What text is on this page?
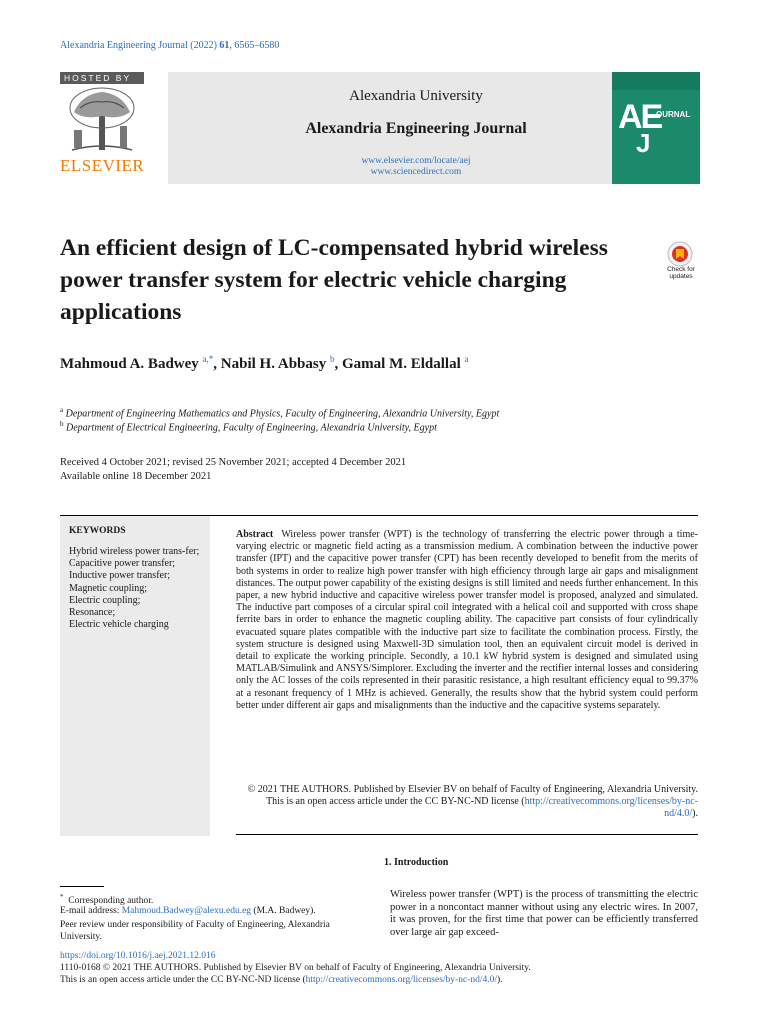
Alexandria Engineering Journal (2022) 61, 6565–6580
HOSTED BY
ELSEVIER
Alexandria University
Alexandria Engineering Journal
www.elsevier.com/locate/aej
www.sciencedirect.com
AE
OURNAL
J
An efficient design of LC-compensated hybrid wireless power transfer system for electric vehicle charging applications
Check for
updates
Mahmoud A. Badwey $^{a,*}$, Nabil H. Abbasy $^b$, Gamal M. Eldallal $^a$
$^a$ Department of Engineering Mathematics and Physics, Faculty of Engineering, Alexandria University, Egypt
$^b$ Department of Electrical Engineering, Faculty of Engineering, Alexandria University, Egypt
Received 4 October 2021; revised 25 November 2021; accepted 4 December 2021
Available online 18 December 2021
KEYWORDS
Hybrid wireless power trans-fer;
Capacitive power transfer;
Inductive power transfer;
Magnetic coupling;
Electric coupling;
Resonance;
Electric vehicle charging
Abstract Wireless power transfer (WPT) is the technology of transferring the electric power through a time-varying electric or magnetic field acting as a transmission medium. A combination between the inductive power transfer (IPT) and the capacitive power transfer (CPT) has been recently developed to benefit from the merits of both systems in order to realize high power transfer with high efficiency through large air gaps and misalignment distances. The output power capability of the existing designs is still limited and needs further enhancement. In this paper, a new hybrid inductive and capacitive wireless power transfer model is proposed, analyzed and simulated. The inductive part composes of a circular spiral coil integrated with a helical coil and supported with cross shape ferrite bars in order to enhance the magnetic coupling ability. The capacitive part consists of four cylindrically evacuated square plates compatible with the inductive part size to facilitate the combination process. Firstly, the system structure is designed using Maxwell-3D simulation tool, then an equivalent circuit model is derived in detail to explicate the working principle. Secondly, a 10.1 kW hybrid system is designed and simulated using MATLAB/Simulink and ANSYS/Simplorer. Excluding the inverter and the rectifier internal losses and considering only the AC losses of the coils represented in their parasitic resistance, a high resultant efficiency equal to 99.37% at a resonant frequency of 1 MHz is achieved. Generally, the results show that the hybrid system could perform better under different air gaps and misalignments than the inductive and the capacitive systems separately.
© 2021 THE AUTHORS. Published by Elsevier BV on behalf of Faculty of Engineering, Alexandria University. This is an open access article under the CC BY-NC-ND license (http://creativecommons.org/licenses/by-nc-nd/4.0/).
1. Introduction
Wireless power transfer (WPT) is the process of transmitting the electric power in a noncontact manner without using any electric wires. In 2007, it was proven, for the first time that power can be efficiently transferred over large air gap exceed-
* Corresponding author.
E-mail address: Mahmoud.Badwey@alexu.edu.eg (M.A. Badwey).
Peer review under responsibility of Faculty of Engineering, Alexandria University.
https://doi.org/10.1016/j.aej.2021.12.016
1110-0168 © 2021 THE AUTHORS. Published by Elsevier BV on behalf of Faculty of Engineering, Alexandria University.
This is an open access article under the CC BY-NC-ND license (http://creativecommons.org/licenses/by-nc-nd/4.0/).
